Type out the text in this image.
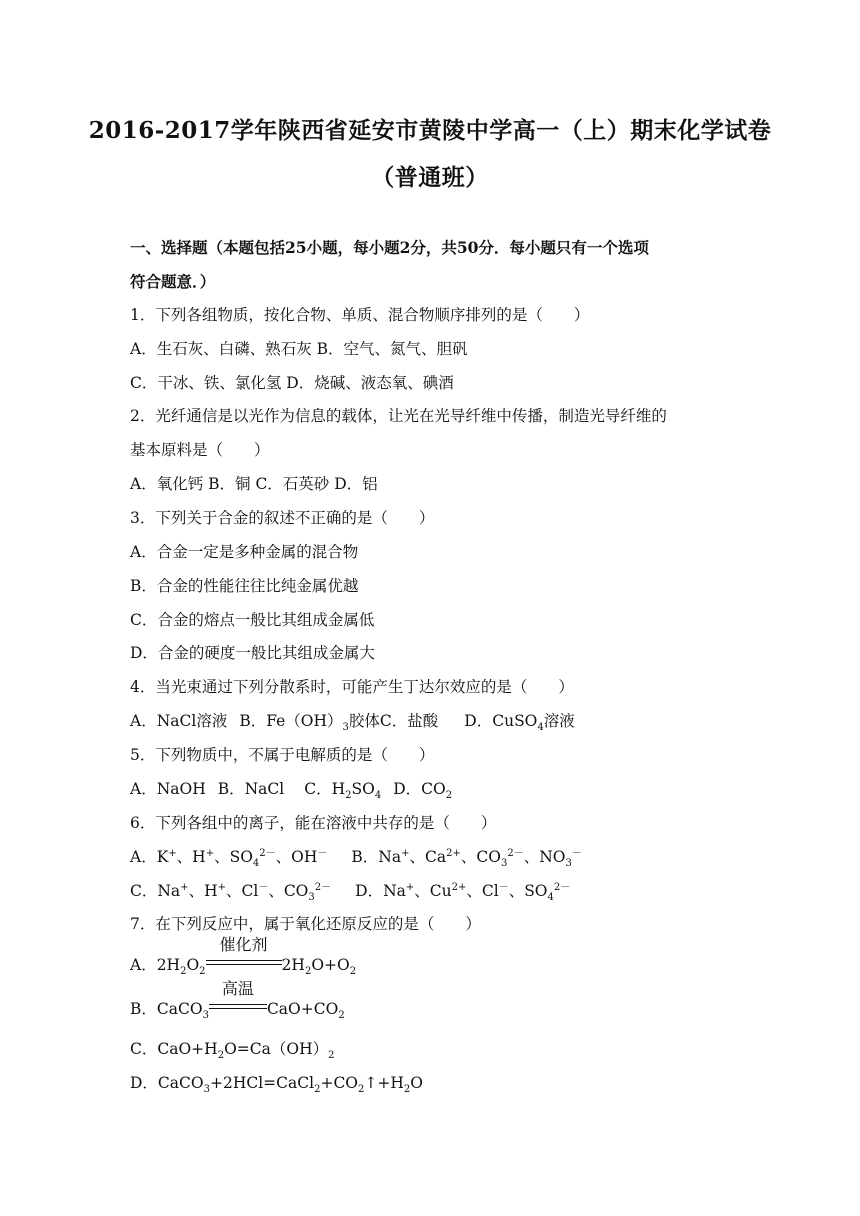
2016-2017学年陕西省延安市黄陵中学高一（上）期末化学试卷
（普通班）
一、选择题（本题包括25小题，每小题2分，共50分．每小题只有一个选项
符合题意．）
1．下列各组物质，按化合物、单质、混合物顺序排列的是（　　）
A．生石灰、白磷、熟石灰 B．空气、氮气、胆矾
C．干冰、铁、氯化氢 D．烧碱、液态氧、碘酒
2．光纤通信是以光作为信息的载体，让光在光导纤维中传播，制造光导纤维的
基本原料是（　　）
A．氧化钙 B．铜 C．石英砂 D．铝
3．下列关于合金的叙述不正确的是（　　）
A．合金一定是多种金属的混合物
B．合金的性能往往比纯金属优越
C．合金的熔点一般比其组成金属低
D．合金的硬度一般比其组成金属大
4．当光束通过下列分散系时，可能产生丁达尔效应的是（　　）
A．NaCl溶液 B．$Fe(OH)_3$胶体C．盐酸 D．CuSO$_4$溶液
5．下列物质中，不属于电解质的是（　　）
A．NaOH B．NaCl C．$H_2SO_4$ D．$CO_2$
6．下列各组中的离子，能在溶液中共存的是（　　）
A．K+、H+、$SO_4^{2-}$、OH－ B．Na+、$Ca^{2+}$、$CO_3^{2-}$、$NO_3^-$
C．Na+、H+、Cl－、$CO_3^{2-}$ D．Na+、$Cu^{2+}$、Cl－、$SO_4^{2-}$
7．在下列反应中，属于氧化还原反应的是（　　）
A．$2H_2O_2$
催化剂
$2H_2O+O_2$
B．CaCO$_3$
高温
$CaO+CO_2$
C．$CaO+H_2O=Ca(OH)_2$
D．$CaCO_3+2HCl=CaCl_2+CO_2↑+H_2O$
